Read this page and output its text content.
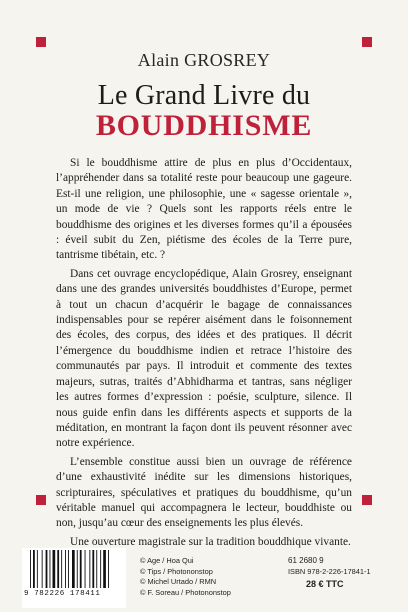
Alain GROSREY
Le Grand Livre du
BOUDDHISME

Si le bouddhisme attire de plus en plus d’Occidentaux, l’appréhender dans sa totalité reste pour beaucoup une gageure. Est-il une religion, une philosophie, une « sagesse orientale », un mode de vie ? Quels sont les rapports réels entre le bouddhisme des origines et les diverses formes qu’il a épousées : éveil subit du Zen, piétisme des écoles de la Terre pure, tantrisme tibétain, etc. ?

Dans cet ouvrage encyclopédique, Alain Grosrey, enseignant dans une des grandes universités bouddhistes d’Europe, permet à tout un chacun d’acquérir le bagage de connaissances indispensables pour se repérer aisément dans le foisonnement des écoles, des corpus, des idées et des pratiques. Il décrit l’émergence du bouddhisme indien et retrace l’histoire des communautés par pays. Il introduit et commente des textes majeurs, sutras, traités d’Abhidharma et tantras, sans négliger les autres formes d’expression : poésie, sculpture, silence. Il nous guide enfin dans les différents aspects et supports de la méditation, en montrant la façon dont ils peuvent résonner avec notre expérience.

L’ensemble constitue aussi bien un ouvrage de référence d’une exhaustivité inédite sur les dimensions historiques, scripturaires, spéculatives et pratiques du bouddhisme, qu’un véritable manuel qui accompagnera le lecteur, bouddhiste ou non, jusqu’au cœur des enseignements les plus élevés.

Une ouverture magistrale sur la tradition bouddhique vivante.

9 782226 178411
© Age / Hoa Qui
© Tips / Photononstop
© Michel Urtado / RMN
© F. Soreau / Photononstop
61 2680 9
ISBN 978-2-226-17841-1
28 € TTC
